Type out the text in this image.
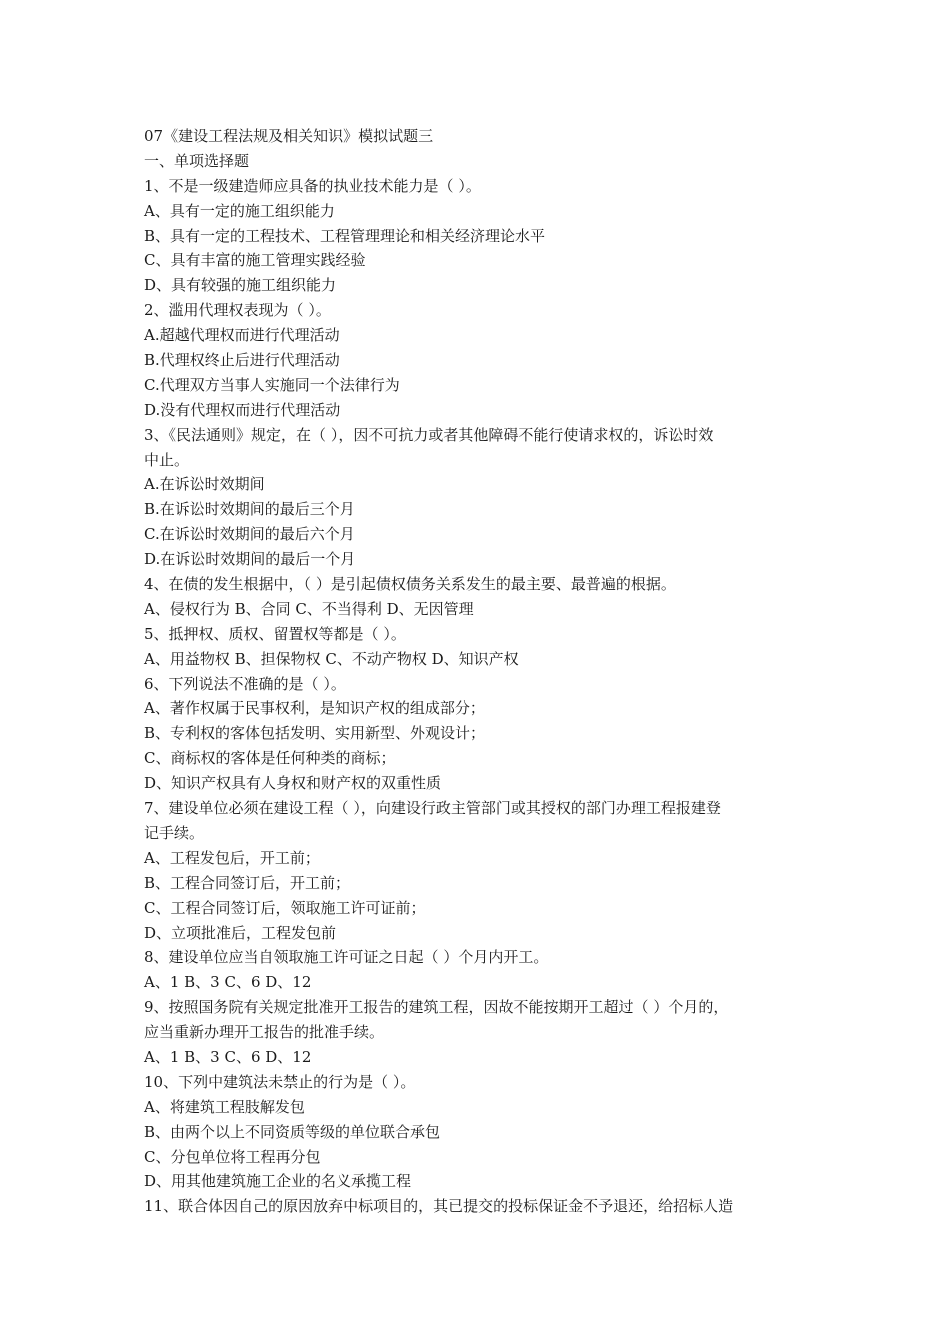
07《建设工程法规及相关知识》模拟试题三
一、单项选择题
1、不是一级建造师应具备的执业技术能力是（ ）。
A、具有一定的施工组织能力
B、具有一定的工程技术、工程管理理论和相关经济理论水平
C、具有丰富的施工管理实践经验
D、具有较强的施工组织能力
2、滥用代理权表现为（ ）。
A.超越代理权而进行代理活动
B.代理权终止后进行代理活动
C.代理双方当事人实施同一个法律行为
D.没有代理权而进行代理活动
3、《民法通则》规定，在（ ），因不可抗力或者其他障碍不能行使请求权的，诉讼时效
中止。
A.在诉讼时效期间
B.在诉讼时效期间的最后三个月
C.在诉讼时效期间的最后六个月
D.在诉讼时效期间的最后一个月
4、在债的发生根据中，（ ）是引起债权债务关系发生的最主要、最普遍的根据。
A、侵权行为 B、合同 C、不当得利 D、无因管理
5、抵押权、质权、留置权等都是（ ）。
A、用益物权 B、担保物权 C、不动产物权 D、知识产权
6、下列说法不准确的是（ ）。
A、著作权属于民事权利，是知识产权的组成部分；
B、专利权的客体包括发明、实用新型、外观设计；
C、商标权的客体是任何种类的商标；
D、知识产权具有人身权和财产权的双重性质
7、建设单位必须在建设工程（ ），向建设行政主管部门或其授权的部门办理工程报建登
记手续。
A、工程发包后，开工前；
B、工程合同签订后，开工前；
C、工程合同签订后，领取施工许可证前；
D、立项批准后，工程发包前
8、建设单位应当自领取施工许可证之日起（ ）个月内开工。
A、1 B、3 C、6 D、12
9、按照国务院有关规定批准开工报告的建筑工程，因故不能按期开工超过（ ）个月的，
应当重新办理开工报告的批准手续。
A、1 B、3 C、6 D、12
10、下列中建筑法未禁止的行为是（ ）。
A、将建筑工程肢解发包
B、由两个以上不同资质等级的单位联合承包
C、分包单位将工程再分包
D、用其他建筑施工企业的名义承揽工程
11、联合体因自己的原因放弃中标项目的，其已提交的投标保证金不予退还，给招标人造
